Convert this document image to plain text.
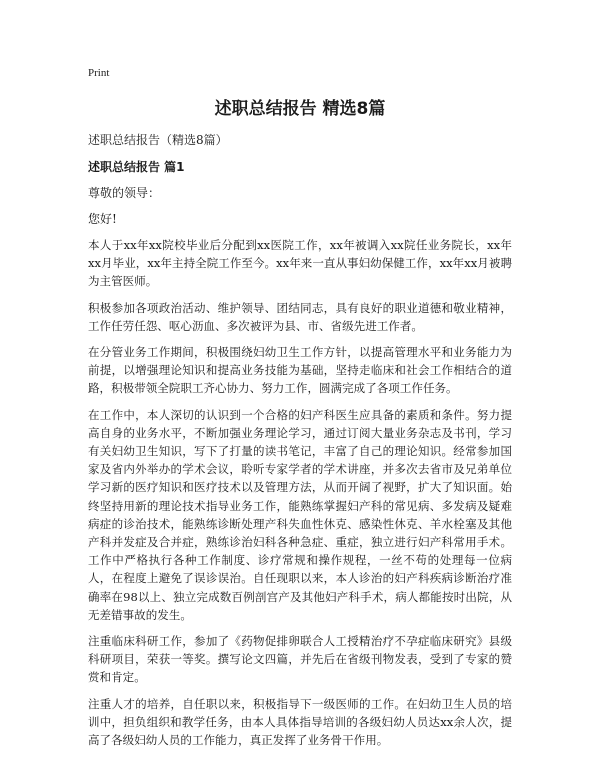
Print
述职总结报告 精选8篇
述职总结报告（精选8篇）
述职总结报告 篇1
尊敬的领导：
您好!

本人于xx年xx院校毕业后分配到xx医院工作，xx年被调入xx院任业务院长，xx年xx月毕业，xx年主持全院工作至今。xx年来一直从事妇幼保健工作，xx年xx月被聘为主管医师。

积极参加各项政治活动、维护领导、团结同志，具有良好的职业道德和敬业精神，工作任劳任怨、呕心沥血、多次被评为县、市、省级先进工作者。

在分管业务工作期间，积极围绕妇幼卫生工作方针，以提高管理水平和业务能力为前提，以增强理论知识和提高业务技能为基础，坚持走临床和社会工作相结合的道路，积极带领全院职工齐心协力、努力工作，圆满完成了各项工作任务。

在工作中，本人深切的认识到一个合格的妇产科医生应具备的素质和条件。努力提高自身的业务水平，不断加强业务理论学习，通过订阅大量业务杂志及书刊，学习有关妇幼卫生知识，写下了打量的读书笔记，丰富了自己的理论知识。经常参加国家及省内外举办的学术会议，聆听专家学者的学术讲座，并多次去省市及兄弟单位学习新的医疗知识和医疗技术以及管理方法，从而开阔了视野，扩大了知识面。始终坚持用新的理论技术指导业务工作，能熟练掌握妇产科的常见病、多发病及疑难病症的诊治技术，能熟练诊断处理产科失血性休克、感染性休克、羊水栓塞及其他产科并发症及合并症，熟练诊治妇科各种急症、重症，独立进行妇产科常用手术。工作中严格执行各种工作制度、诊疗常规和操作规程，一丝不苟的处理每一位病人，在程度上避免了误诊误治。自任现职以来，本人诊治的妇产科疾病诊断治疗准确率在98以上、独立完成数百例剖宫产及其他妇产科手术，病人都能按时出院，从无差错事故的发生。

注重临床科研工作，参加了《药物促排卵联合人工授精治疗不孕症临床研究》县级科研项目，荣获一等奖。撰写论文四篇，并先后在省级刊物发表，受到了专家的赞赏和肯定。

注重人才的培养，自任职以来，积极指导下一级医师的工作。在妇幼卫生人员的培训中，担负组织和教学任务，由本人具体指导培训的各级妇幼人员达xx余人次，提高了各级妇幼人员的工作能力，真正发挥了业务骨干作用。
